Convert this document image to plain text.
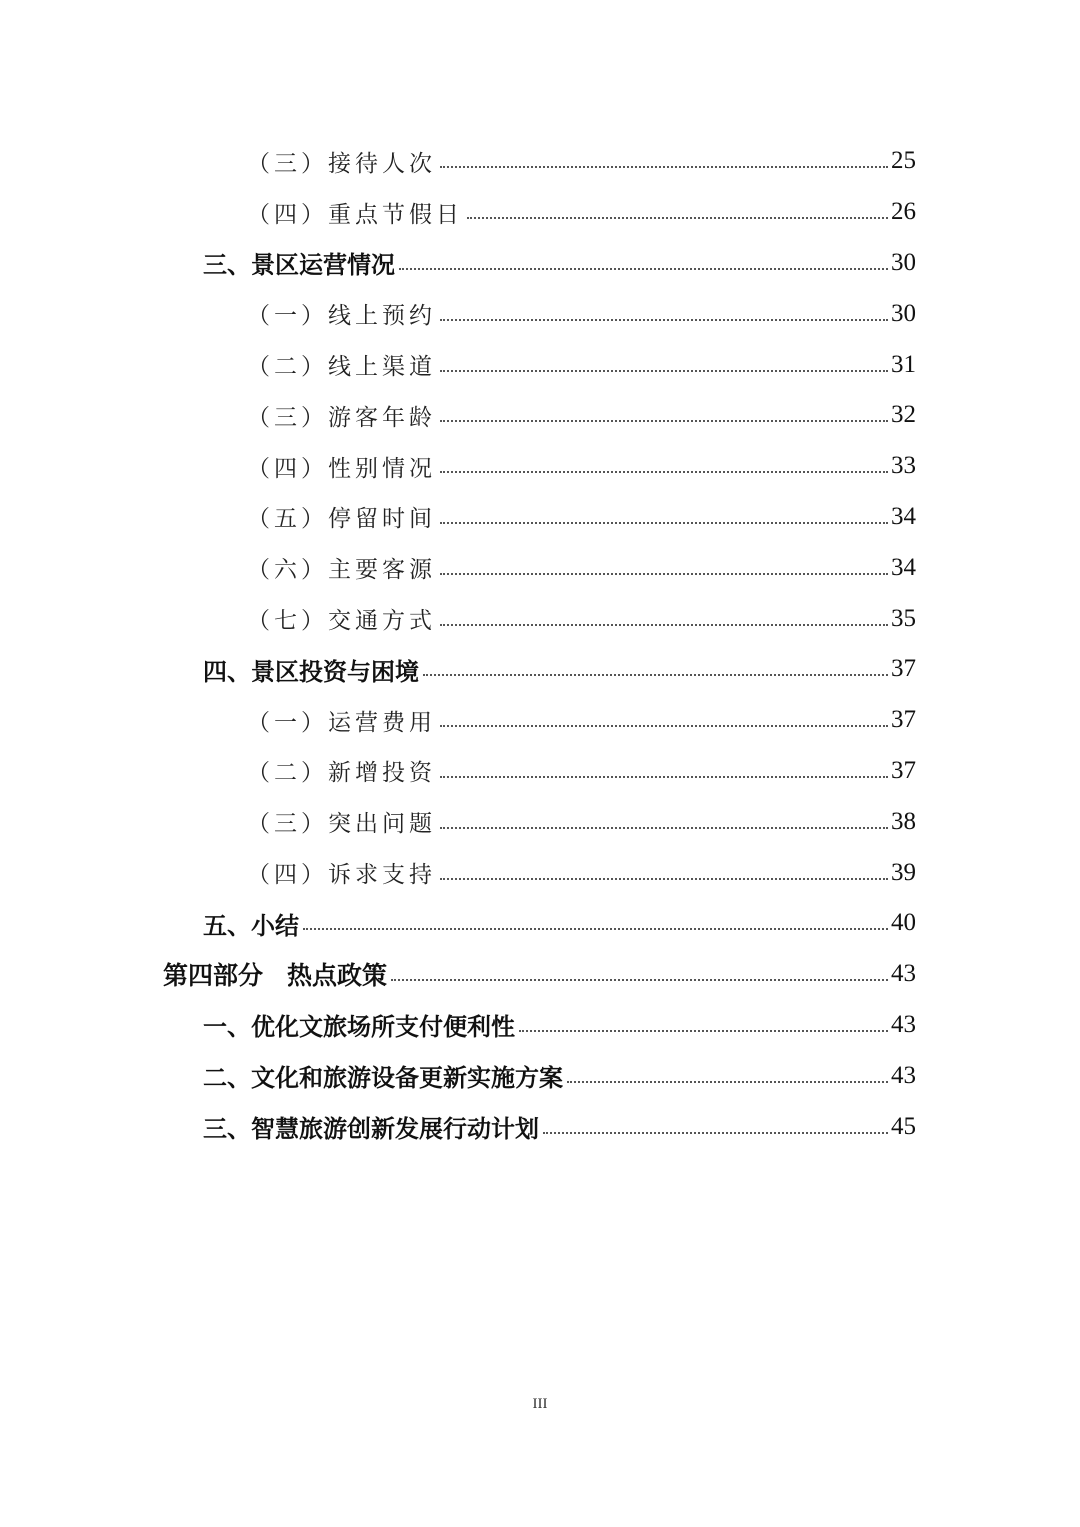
（三）接待人次	25
（四）重点节假日	26
三、景区运营情况	30
（一）线上预约	30
（二）线上渠道	31
（三）游客年龄	32
（四）性别情况	33
（五）停留时间	34
（六）主要客源	34
（七）交通方式	35
四、景区投资与困境	37
（一）运营费用	37
（二）新增投资	37
（三）突出问题	38
（四）诉求支持	39
五、小结	40
第四部分 热点政策	43
一、优化文旅场所支付便利性	43
二、文化和旅游设备更新实施方案	43
三、智慧旅游创新发展行动计划	45
III
